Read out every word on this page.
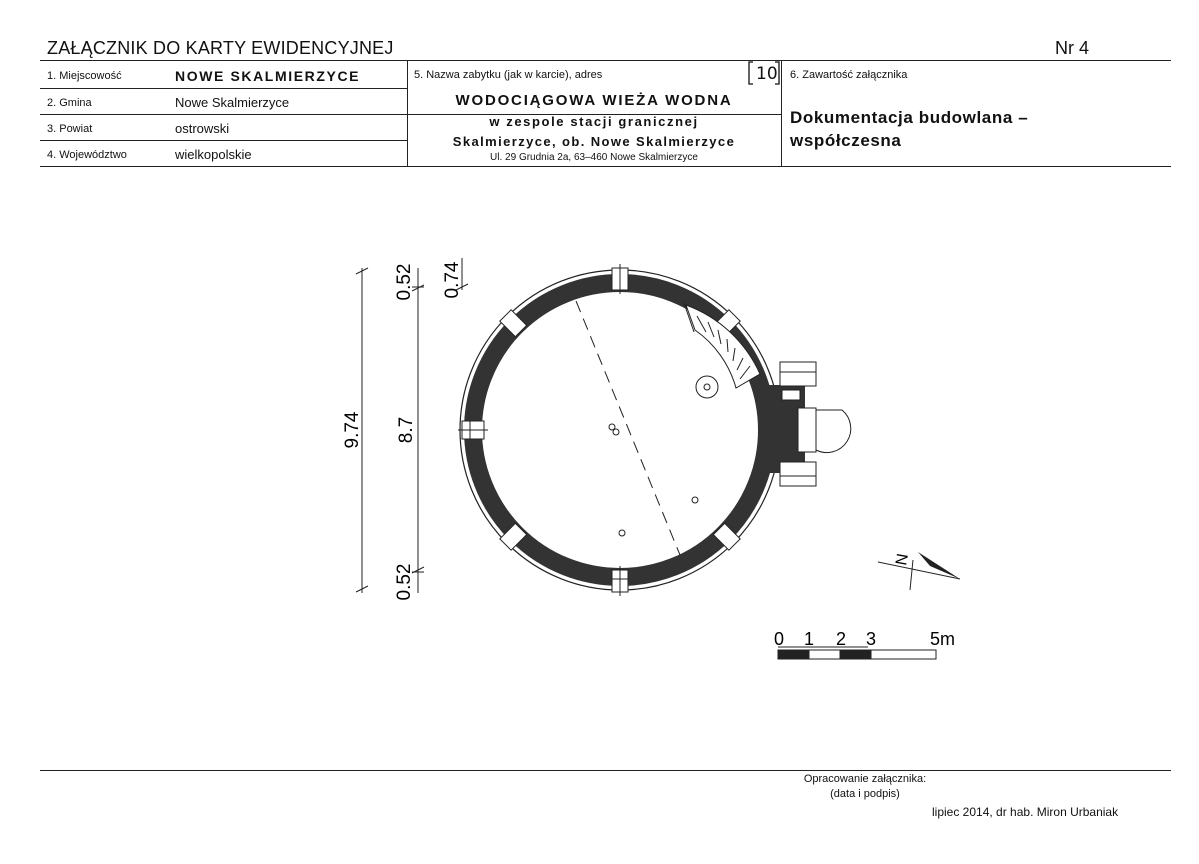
ZAŁĄCZNIK DO KARTY EWIDENCYJNEJ	Nr 4
1. Miejscowość	NOWE SKALMIERZYCE
2. Gmina	Nowe Skalmierzyce
3. Powiat	ostrowski
4. Województwo	wielkopolskie
5. Nazwa zabytku (jak w karcie), adres	10
WODOCIĄGOWA WIEŻA WODNA
w zespole stacji granicznej
Skalmierzyce, ob. Nowe Skalmierzyce
Ul. 29 Grudnia 2a, 63–460 Nowe Skalmierzyce
6. Zawartość załącznika
Dokumentacja budowlana –
współczesna
9.74 8.7
0.52
0.52
0.74
N
0 1 2 3	5m
Opracowanie załącznika:
(data i podpis)
lipiec 2014, dr hab. Miron Urbaniak
